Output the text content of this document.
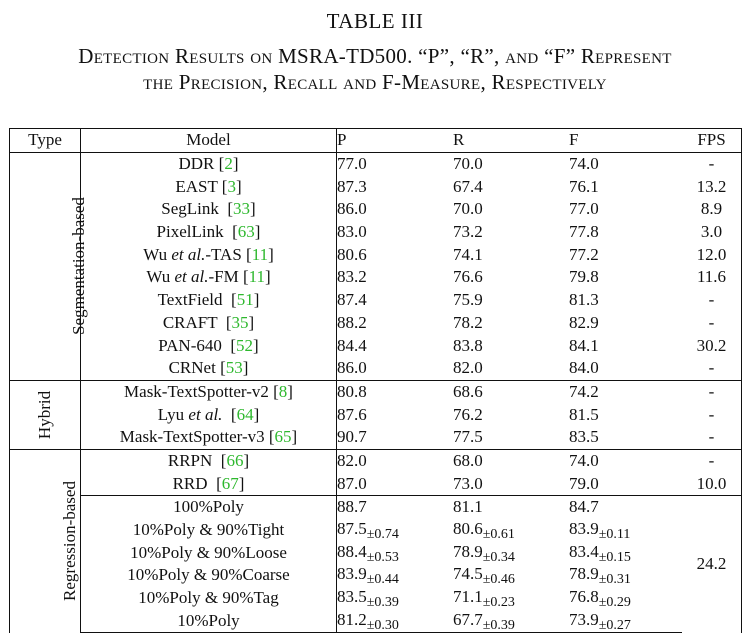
TABLE III
Detection Results on MSRA-TD500. “P”, “R”, and “F” Represent
the Precision, Recall and F-Measure, Respectively
Type	Model	P	R	F	FPS
Segmentation-based	DDR [2]	77.0	70.0	74.0	-
	EAST [3]	87.3	67.4	76.1	13.2
	SegLink  [33]	86.0	70.0	77.0	8.9
	PixelLink  [63]	83.0	73.2	77.8	3.0
	Wu et al.-TAS [11]	80.6	74.1	77.2	12.0
	Wu et al.-FM [11]	83.2	76.6	79.8	11.6
	TextField  [51]	87.4	75.9	81.3	-
	CRAFT  [35]	88.2	78.2	82.9	-
	PAN-640  [52]	84.4	83.8	84.1	30.2
	CRNet [53]	86.0	82.0	84.0	-
Hybrid	Mask-TextSpotter-v2 [8]	80.8	68.6	74.2	-
	Lyu et al.  [64]	87.6	76.2	81.5	-
	Mask-TextSpotter-v3 [65]	90.7	77.5	83.5	-
Regression-based	RRPN  [66]	82.0	68.0	74.0	-
	RRD  [67]	87.0	73.0	79.0	10.0
	100%Poly	88.7	81.1	84.7	24.2
	10%Poly & 90%Tight	$87.5_{\pm 0.74}$	$80.6_{\pm 0.61}$	$83.9_{\pm 0.11}$
	10%Poly & 90%Loose	$88.4_{\pm 0.53}$	$78.9_{\pm 0.34}$	$83.4_{\pm 0.15}$
	10%Poly & 90%Coarse	$83.9_{\pm 0.44}$	$74.5_{\pm 0.46}$	$78.9_{\pm 0.31}$
	10%Poly & 90%Tag	$83.5_{\pm 0.39}$	$71.1_{\pm 0.23}$	$76.8_{\pm 0.29}$
	10%Poly	$81.2_{\pm 0.30}$	$67.7_{\pm 0.39}$	$73.9_{\pm 0.27}$
